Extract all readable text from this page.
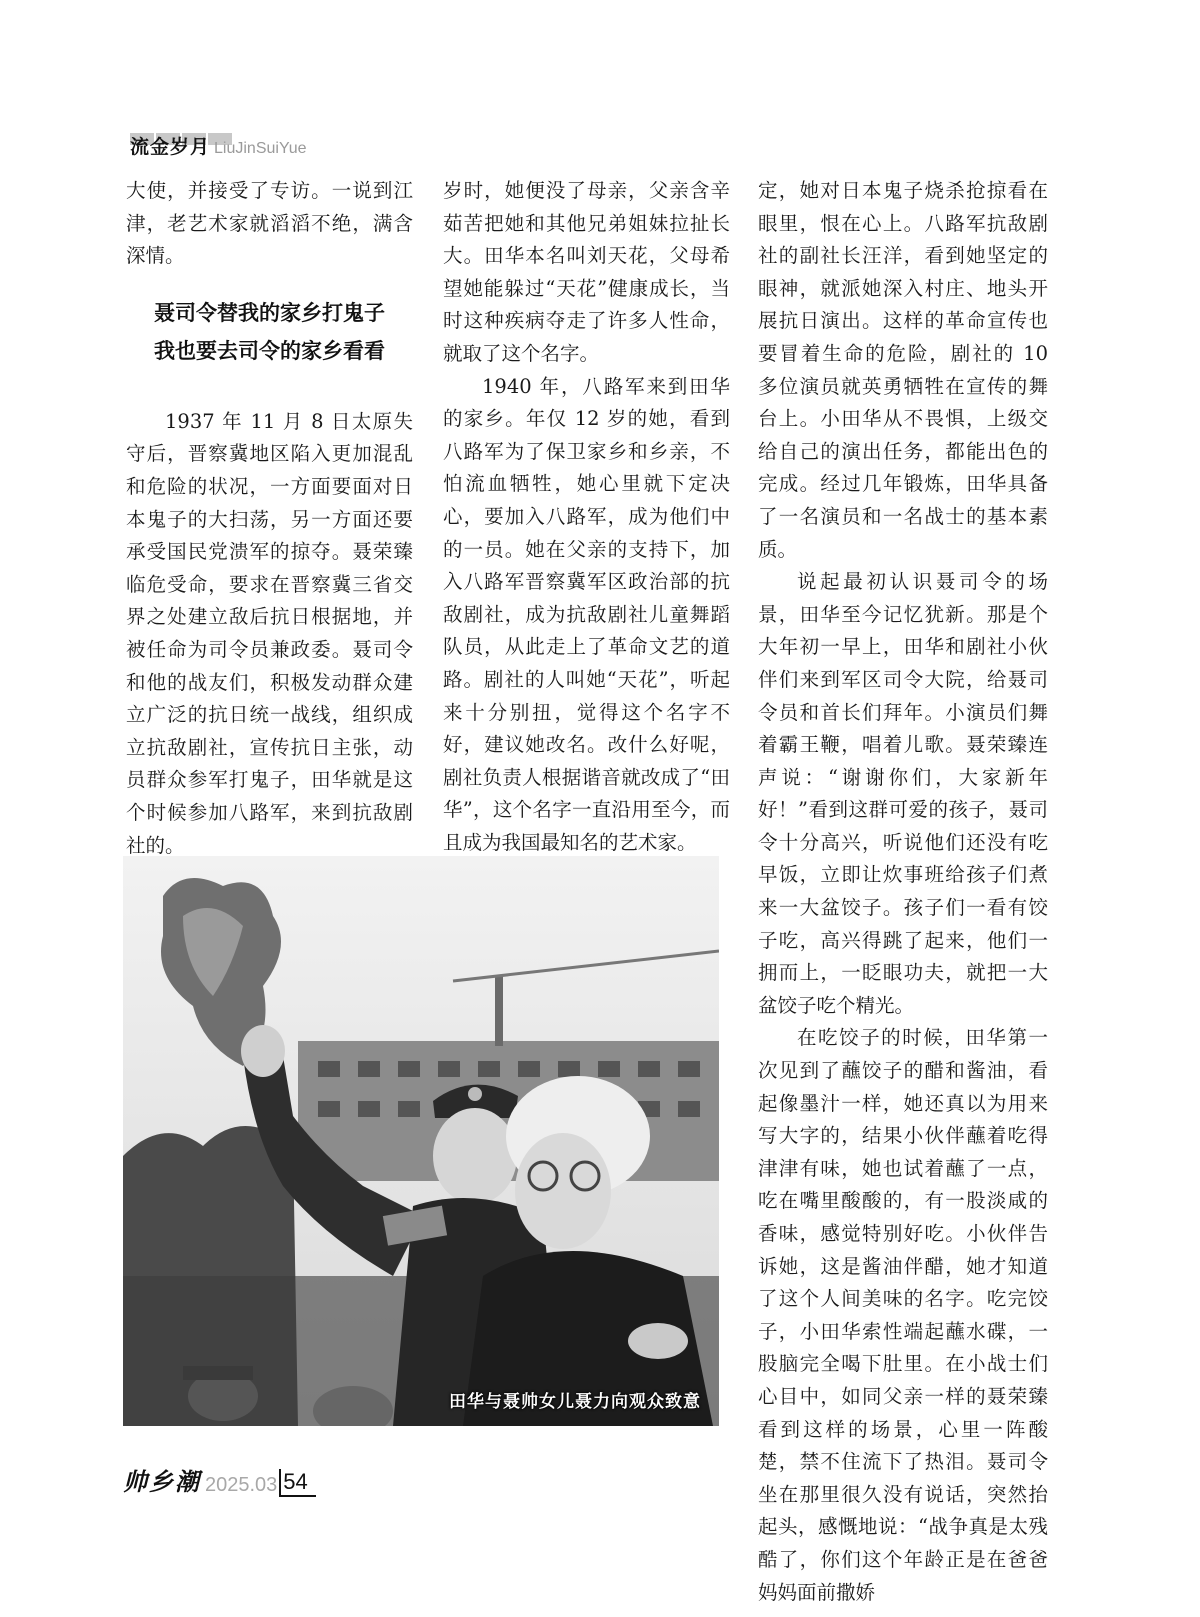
流金岁月 LiuJinSuiYue

大使，并接受了专访。一说到江津，老艺术家就滔滔不绝，满含深情。

1937 年 11 月 8 日太原失守后，晋察冀地区陷入更加混乱和危险的状况，一方面要面对日本鬼子的大扫荡，另一方面还要承受国民党溃军的掠夺。聂荣臻临危受命，要求在晋察冀三省交界之处建立敌后抗日根据地，并被任命为司令员兼政委。聂司令和他的战友们，积极发动群众建立广泛的抗日统一战线，组织成立抗敌剧社，宣传抗日主张，动员群众参军打鬼子，田华就是这个时候参加八路军，来到抗敌剧社的。

聂司令替我的家乡打鬼子
我也要去司令的家乡看看

岁时，她便没了母亲，父亲含辛茹苦把她和其他兄弟姐妹拉扯长大。田华本名叫刘天花，父母希望她能躲过“天花”健康成长，当时这种疾病夺走了许多人性命，就取了这个名字。

1940 年，八路军来到田华的家乡。年仅 12 岁的她，看到八路军为了保卫家乡和乡亲，不怕流血牺牲，她心里就下定决心，要加入八路军，成为他们中的一员。她在父亲的支持下，加入八路军晋察冀军区政治部的抗敌剧社，成为抗敌剧社儿童舞蹈队员，从此走上了革命文艺的道路。剧社的人叫她“天花”，听起来十分别扭，觉得这个名字不好，建议她改名。改什么好呢，剧社负责人根据谐音就改成了“田华”，这个名字一直沿用至今，而且成为我国最知名的艺术家。

定，她对日本鬼子烧杀抢掠看在眼里，恨在心上。八路军抗敌剧社的副社长汪洋，看到她坚定的眼神，就派她深入村庄、地头开展抗日演出。这样的革命宣传也要冒着生命的危险，剧社的 10 多位演员就英勇牺牲在宣传的舞台上。小田华从不畏惧，上级交给自己的演出任务，都能出色的完成。经过几年锻炼，田华具备了一名演员和一名战士的基本素质。

说起最初认识聂司令的场景，田华至今记忆犹新。那是个大年初一早上，田华和剧社小伙伴们来到军区司令大院，给聂司令员和首长们拜年。小演员们舞着霸王鞭，唱着儿歌。聂荣臻连声说：“谢谢你们，大家新年好！”看到这群可爱的孩子，聂司令十分高兴，听说他们还没有吃早饭，立即让炊事班给孩子们煮来一大盆饺子。孩子们一看有饺子吃，高兴得跳了起来，他们一拥而上，一眨眼功夫，就把一大盆饺子吃个精光。

在吃饺子的时候，田华第一次见到了蘸饺子的醋和酱油，看起像墨汁一样，她还真以为用来写大字的，结果小伙伴蘸着吃得津津有味，她也试着蘸了一点，吃在嘴里酸酸的，有一股淡咸的香味，感觉特别好吃。小伙伴告诉她，这是酱油伴醋，她才知道了这个人间美味的名字。吃完饺子，小田华索性端起蘸水碟，一股脑完全喝下肚里。在小战士们心目中，如同父亲一样的聂荣臻看到这样的场景，心里一阵酸楚，禁不住流下了热泪。聂司令坐在那里很久没有说话，突然抬起头，感慨地说：“战争真是太残酷了，你们这个年龄正是在爸爸妈妈面前撒娇

田华与聂帅女儿聂力向观众致意
帅乡潮 2025.03 54
